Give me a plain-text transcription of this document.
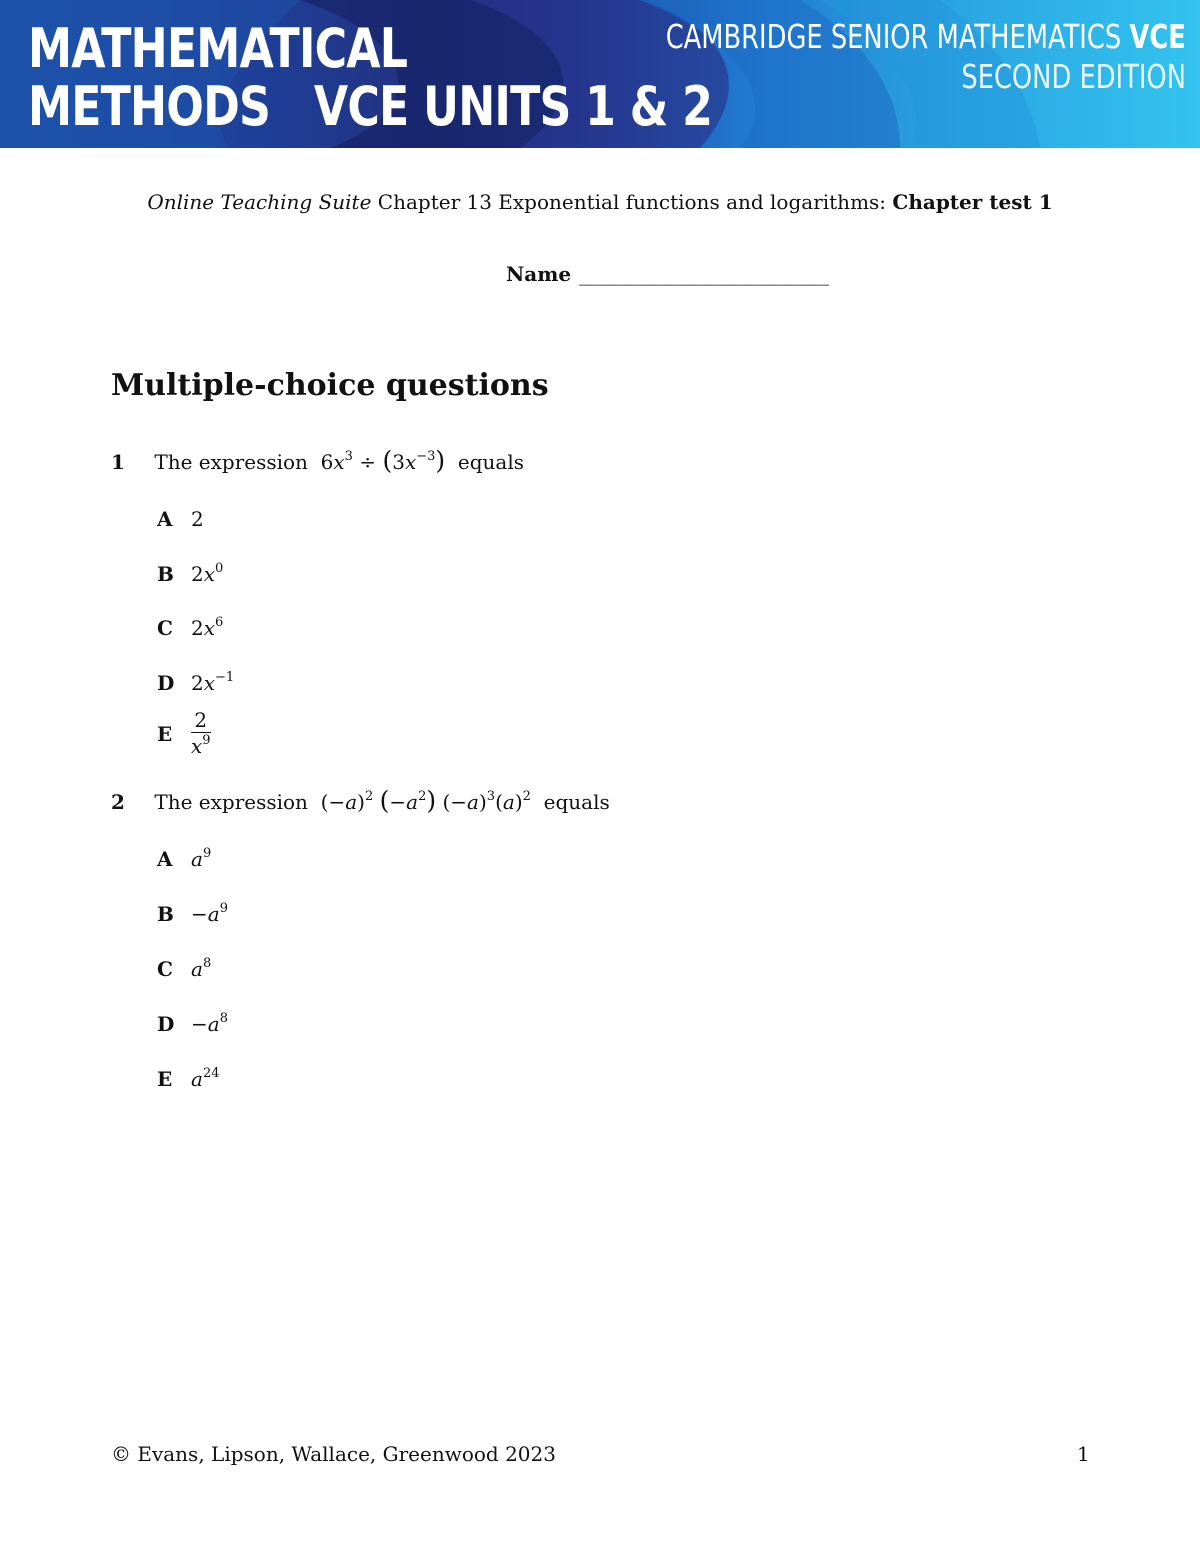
MATHEMATICAL
METHODS   VCE UNITS 1 & 2
CAMBRIDGE SENIOR MATHEMATICS VCE
SECOND EDITION
Online Teaching Suite Chapter 13 Exponential functions and logarithms: Chapter test 1
Name _________________________
Multiple-choice questions
1 The expression  $6x^3 \div (3x^{-3})$ equals
A 2
B $2x^0$
C $2x^6$
D $2x^{-1}$
E $\frac{2}{x^9}$
2 The expression  $(-a)^2$ $(-a^2)$ $(-a)^3(a)^2$ equals
A $a^9$
$B -a^9$
C $a^8$
$D -a^8$
E $a^{24}$
© Evans, Lipson, Wallace, Greenwood 2023	1
